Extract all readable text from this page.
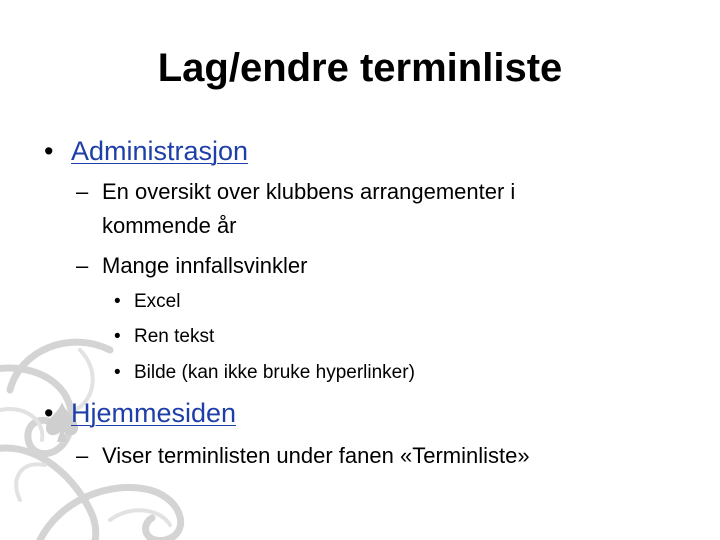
Lag/endre terminliste
• Administrasjon
– En oversikt over klubbens arrangementer i
kommende år
– Mange innfallsvinkler
• Excel
• Ren tekst
• Bilde (kan ikke bruke hyperlinker)
• Hjemmesiden
– Viser terminlisten under fanen «Terminliste»
